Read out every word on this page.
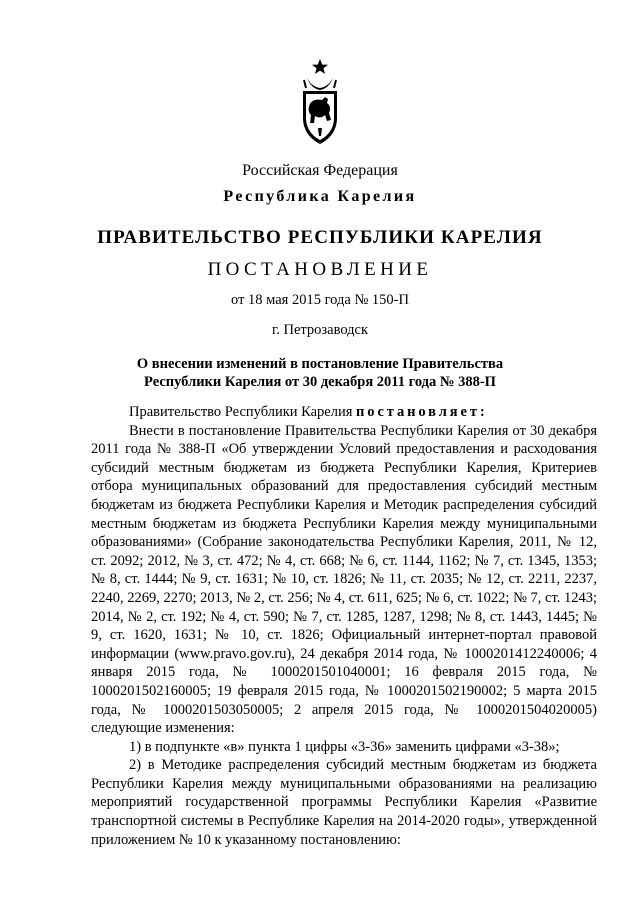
Российская Федерация
Республика Карелия
ПРАВИТЕЛЬСТВО РЕСПУБЛИКИ КАРЕЛИЯ
ПОСТАНОВЛЕНИЕ
от 18 мая 2015 года № 150-П
г. Петрозаводск
О внесении изменений в постановление Правительства
Республики Карелия от 30 декабря 2011 года № 388-П

Правительство Республики Карелия постановляет:

Внести в постановление Правительства Республики Карелия от 30 декабря 2011 года № 388-П «Об утверждении Условий предоставления и расходования субсидий местным бюджетам из бюджета Республики Карелия, Критериев отбора муниципальных образований для предоставления субсидий местным бюджетам из бюджета Республики Карелия и Методик распределения субсидий местным бюджетам из бюджета Республики Карелия между муниципальными образованиями» (Собрание законодательства Республики Карелия, 2011, № 12, ст. 2092; 2012, № 3, ст. 472; № 4, ст. 668; № 6, ст. 1144, 1162; № 7, ст. 1345, 1353; № 8, ст. 1444; № 9, ст. 1631; № 10, ст. 1826; № 11, ст. 2035; № 12, ст. 2211, 2237, 2240, 2269, 2270; 2013, № 2, ст. 256; № 4, ст. 611, 625; № 6, ст. 1022; № 7, ст. 1243; 2014, № 2, ст. 192; № 4, ст. 590; № 7, ст. 1285, 1287, 1298; № 8, ст. 1443, 1445; № 9, ст. 1620, 1631; № 10, ст. 1826; Официальный интернет-портал правовой информации (www.pravo.gov.ru), 24 декабря 2014 года, № 1000201412240006; 4 января 2015 года, № 1000201501040001; 16 февраля 2015 года, № 1000201502160005; 19 февраля 2015 года, № 1000201502190002; 5 марта 2015 года, № 1000201503050005; 2 апреля 2015 года, № 1000201504020005) следующие изменения:

1) в подпункте «в» пункта 1 цифры «3-36» заменить цифрами «3-38»;

2) в Методике распределения субсидий местным бюджетам из бюджета Республики Карелия между муниципальными образованиями на реализацию мероприятий государственной программы Республики Карелия «Развитие транспортной системы в Республике Карелия на 2014-2020 годы», утвержденной приложением № 10 к указанному постановлению:
